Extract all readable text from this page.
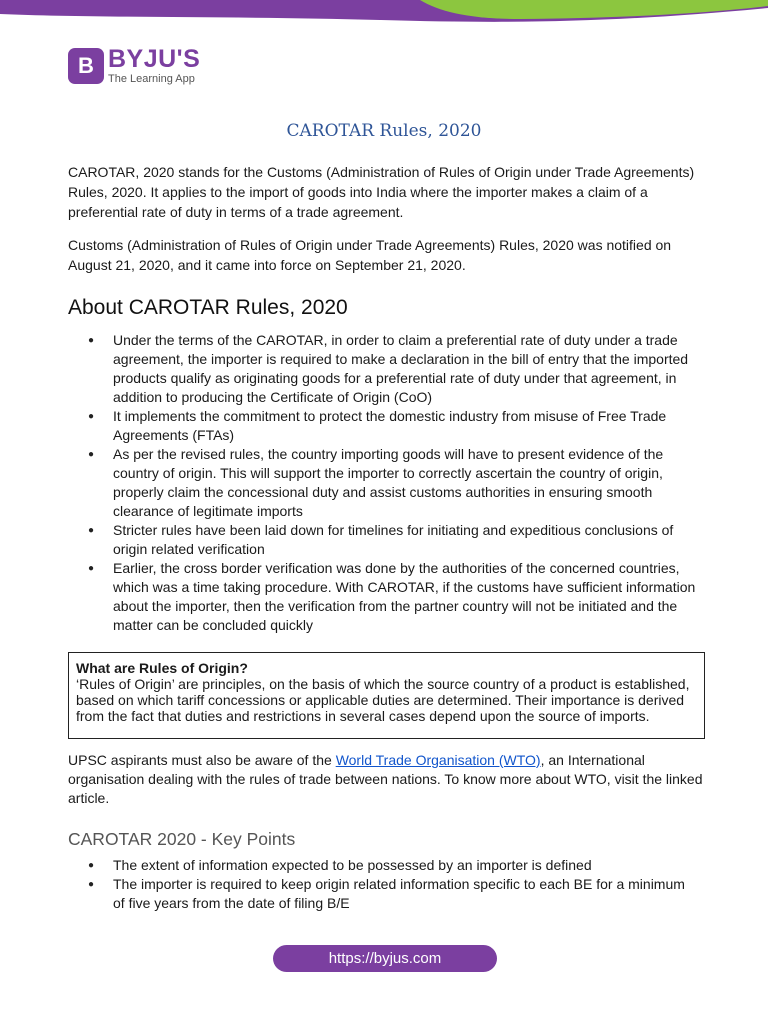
B BYJU'S
The Learning App
CAROTAR Rules, 2020

CAROTAR, 2020 stands for the Customs (Administration of Rules of Origin under Trade Agreements) Rules, 2020. It applies to the import of goods into India where the importer makes a claim of a preferential rate of duty in terms of a trade agreement.

Customs (Administration of Rules of Origin under Trade Agreements) Rules, 2020 was notified on August 21, 2020, and it came into force on September 21, 2020.

About CAROTAR Rules, 2020
● Under the terms of the CAROTAR, in order to claim a preferential rate of duty under a trade agreement, the importer is required to make a declaration in the bill of entry that the imported products qualify as originating goods for a preferential rate of duty under that agreement, in addition to producing the Certificate of Origin (CoO)
● It implements the commitment to protect the domestic industry from misuse of Free Trade Agreements (FTAs)
● As per the revised rules, the country importing goods will have to present evidence of the country of origin. This will support the importer to correctly ascertain the country of origin, properly claim the concessional duty and assist customs authorities in ensuring smooth clearance of legitimate imports
● Stricter rules have been laid down for timelines for initiating and expeditious conclusions of origin related verification
● Earlier, the cross border verification was done by the authorities of the concerned countries, which was a time taking procedure. With CAROTAR, if the customs have sufficient information about the importer, then the verification from the partner country will not be initiated and the matter can be concluded quickly
What are Rules of Origin?
‘Rules of Origin’ are principles, on the basis of which the source country of a product is established, based on which tariff concessions or applicable duties are determined. Their importance is derived from the fact that duties and restrictions in several cases depend upon the source of imports.

UPSC aspirants must also be aware of the World Trade Organisation (WTO), an International organisation dealing with the rules of trade between nations. To know more about WTO, visit the linked article.

CAROTAR 2020 - Key Points
● The extent of information expected to be possessed by an importer is defined
● The importer is required to keep origin related information specific to each BE for a minimum of five years from the date of filing B/E
https://byjus.com
